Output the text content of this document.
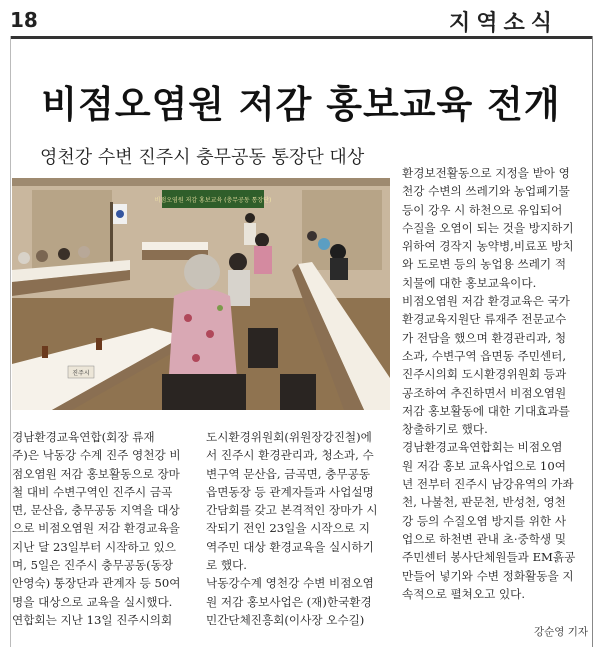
18	지역소식
비점오염원 저감 홍보교육 전개
영천강 수변 진주시 충무공동 통장단 대상
비점오염원 저감 홍보교육 (충무공동 통장단)
진주시
경남환경교육연합(회장 류재
주)은 낙동강 수계 진주 영천강 비
점오염원 저감 홍보활동으로 장마
철 대비 수변구역인 진주시 금곡
면, 문산읍, 충무공동 지역을 대상
으로 비점오염원 저감 환경교육을
지난 달 23일부터 시작하고 있으
며, 5일은 진주시 충무공동(동장
안영숙) 통장단과 관계자 등 50여
명을 대상으로 교육을 실시했다.
연합회는 지난 13일 진주시의회
도시환경위원회(위원장강진철)에
서 진주시 환경관리과, 청소과, 수
변구역 문산읍, 금곡면, 충무공동
읍면동장 등 관계자들과 사업설명
간담회를 갖고 본격적인 장마가 시
작되기 전인 23일을 시작으로 지
역주민 대상 환경교육을 실시하기
로 했다.
낙동강수계 영천강 수변 비점오염
원 저감 홍보사업은 (재)한국환경
민간단체진흥회(이사장 오수길)
환경보전활동으로 지정을 받아 영
천강 수변의 쓰레기와 농업폐기물
등이 강우 시 하천으로 유입되어
수질을 오염이 되는 것을 방지하기
위하여 경작지 농약병,비료포 방치
와 도로변 등의 농업용 쓰레기 적
치물에 대한 홍보교육이다.
비점오염원 저감 환경교육은 국가
환경교육지원단 류재주 전문교수
가 전담을 했으며 환경관리과, 청
소과, 수변구역 읍면동 주민센터,
진주시의회 도시환경위원회 등과
공조하여 추진하면서 비점오염원
저감 홍보활동에 대한 기대효과를
창출하기로 했다.
경남환경교육연합회는 비점오염
원 저감 홍보 교육사업으로 10여
년 전부터 진주시 남강유역의 가좌
천, 나불천, 판문천, 반성천, 영천
강 등의 수질오염 방지를 위한 사
업으로 하천변 관내 초·중학생 및
주민센터 봉사단체원들과 EM흙공
만들어 넣기와 수변 정화활동을 지
속적으로 펼쳐오고 있다.
강순영 기자
